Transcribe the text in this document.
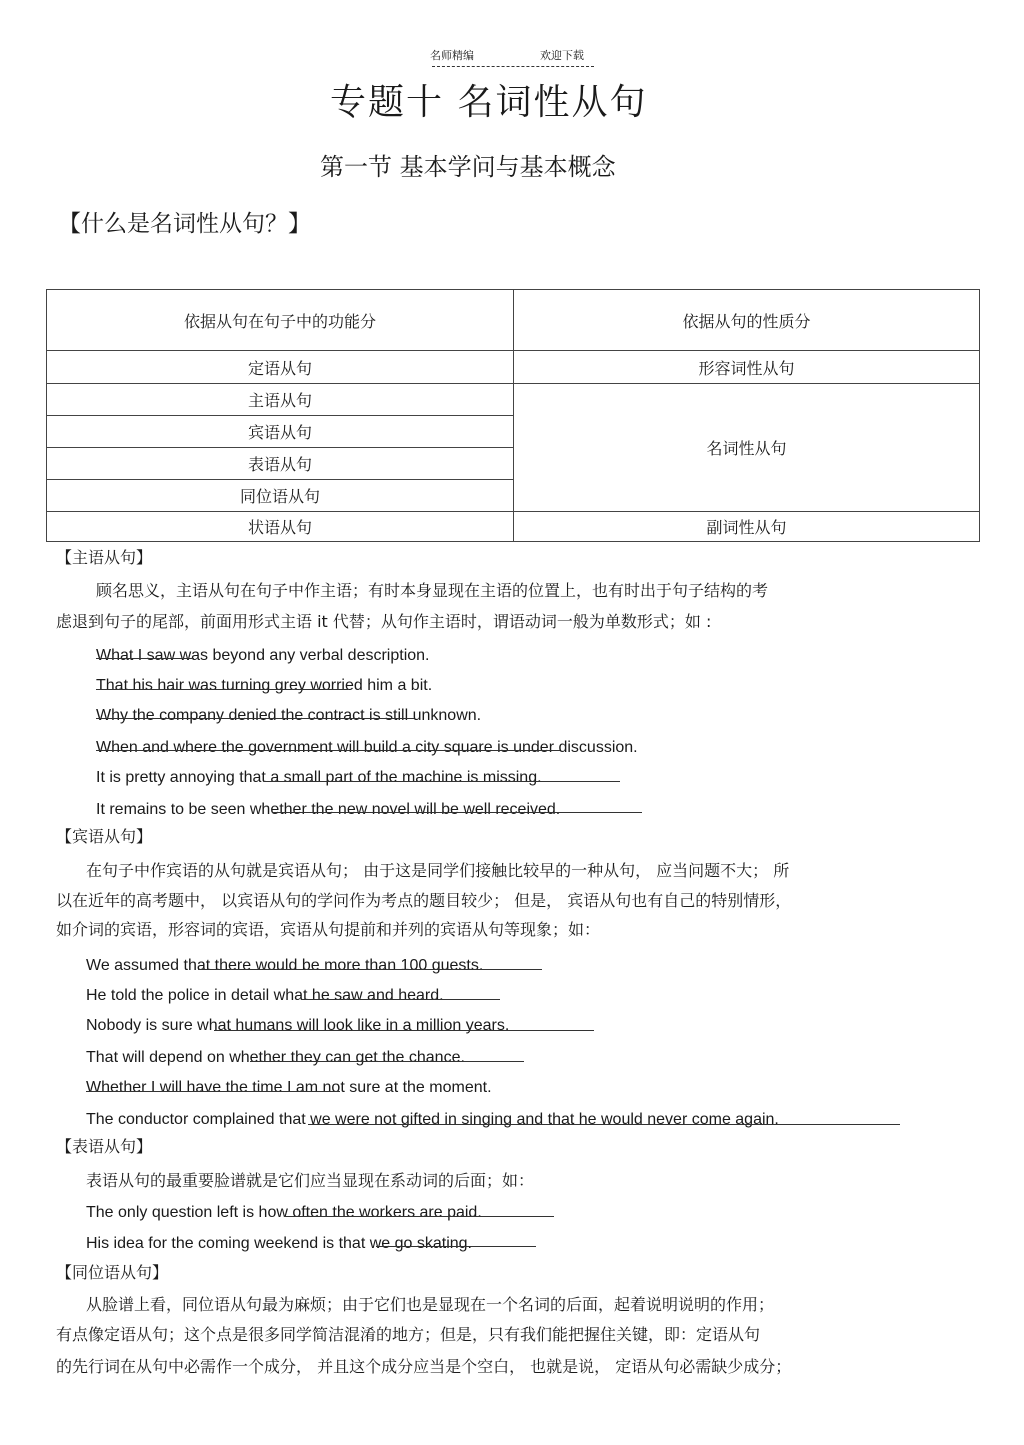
名师精编	欢迎下载
专题十 名词性从句
第一节 基本学问与基本概念
【什么是名词性从句？】
依据从句在句子中的功能分	依据从句的性质分
定语从句	形容词性从句
主语从句	名词性从句
宾语从句	
表语从句	
同位语从句	
状语从句	副词性从句
【主语从句】
顾名思义，主语从句在句子中作主语；有时本身显现在主语的位置上，也有时出于句子结构的考
虑退到句子的尾部，前面用形式主语 it 代替；从句作主语时，谓语动词一般为单数形式；如 :
What I saw was beyond any verbal description.
That his hair was turning grey worried him a bit.
Why the company denied the contract is still unknown.
When and where the government will build a city square is under discussion.
It is pretty annoying that a small part of the machine is missing.
It remains to be seen whether the new novel will be well received.
【宾语从句】
在句子中作宾语的从句就是宾语从句； 由于这是同学们接触比较早的一种从句， 应当问题不大； 所
以在近年的高考题中， 以宾语从句的学问作为考点的题目较少； 但是， 宾语从句也有自己的特别情形，
如介词的宾语，形容词的宾语，宾语从句提前和并列的宾语从句等现象；如：
We assumed that there would be more than 100 guests.
He told the police in detail what he saw and heard.
Nobody is sure what humans will look like in a million years.
That will depend on whether they can get the chance.
Whether I will have the time I am not sure at the moment.
The conductor complained that we were not gifted in singing and that he would never come again.
【表语从句】
表语从句的最重要脸谱就是它们应当显现在系动词的后面；如：
The only question left is how often the workers are paid.
His idea for the coming weekend is that we go skating.
【同位语从句】
从脸谱上看，同位语从句最为麻烦；由于它们也是显现在一个名词的后面，起着说明说明的作用；
有点像定语从句；这个点是很多同学简洁混淆的地方；但是，只有我们能把握住关键，即：定语从句
的先行词在从句中必需作一个成分， 并且这个成分应当是个空白， 也就是说， 定语从句必需缺少成分；
